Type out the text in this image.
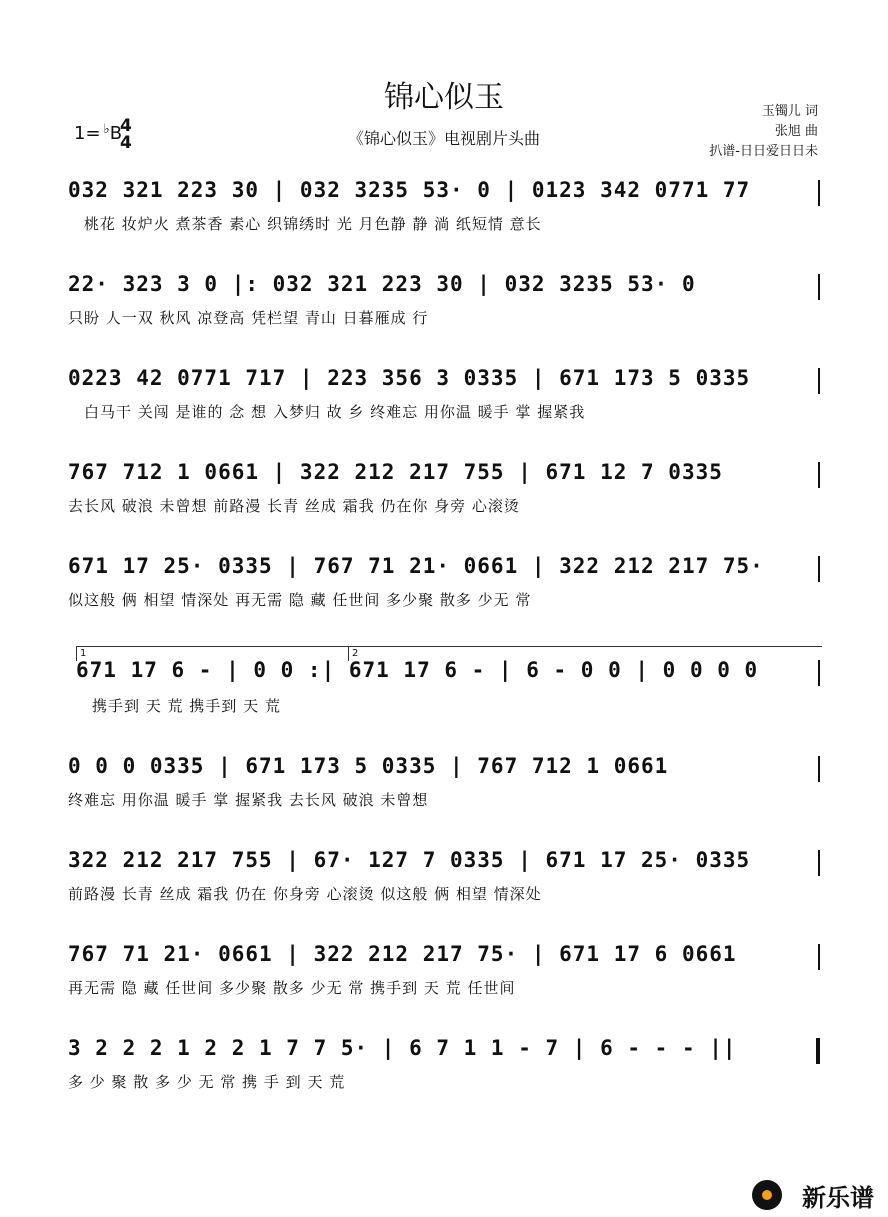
锦心似玉
《锦心似玉》电视剧片头曲
1= ♭B
4
4
玉镯儿 词
张旭 曲
扒谱-日日爱日日未
032 321 223 30 | 032 3235 53· 0 | 0123 342 0771 77
桃花 妆炉火 煮茶香 素心 织锦绣时 光 月色静 静 淌 纸短情 意长
22· 323 3 0 |: 032 321 223 30 | 032 3235 53· 0
只盼 人一双 秋风 凉登高 凭栏望 青山 日暮雁成 行
0223 42 0771 717 | 223 356 3 0335 | 671 173 5 0335
白马干 关闯 是谁的 念 想 入梦归 故 乡 终难忘 用你温 暖手 掌 握紧我
767 712 1 0661 | 322 212 217 755 | 671 12 7 0335
去长风 破浪 未曾想 前路漫 长青 丝成 霜我 仍在你 身旁 心滚烫
671 17 25· 0335 | 767 71 21· 0661 | 322 212 217 75·
似这般 俩 相望 情深处 再无需 隐 藏 任世间 多少聚 散多 少无 常
1	2
671 17 6 - | 0 0 :| 671 17 6 - | 6 - 0 0 | 0 0 0 0
携手到 天 荒 携手到 天 荒
0 0 0 0335 | 671 173 5 0335 | 767 712 1 0661
终难忘 用你温 暖手 掌 握紧我 去长风 破浪 未曾想
322 212 217 755 | 67· 127 7 0335 | 671 17 25· 0335
前路漫 长青 丝成 霜我 仍在 你身旁 心滚烫 似这般 俩 相望 情深处
767 71 21· 0661 | 322 212 217 75· | 671 17 6 0661
再无需 隐 藏 任世间 多少聚 散多 少无 常 携手到 天 荒 任世间
3 2 2 2 1 2 2 1 7 7 5· | 6 7 1 1 - 7 | 6 - - - ||
多 少 聚 散 多 少 无 常 携 手 到 天 荒
新乐谱
